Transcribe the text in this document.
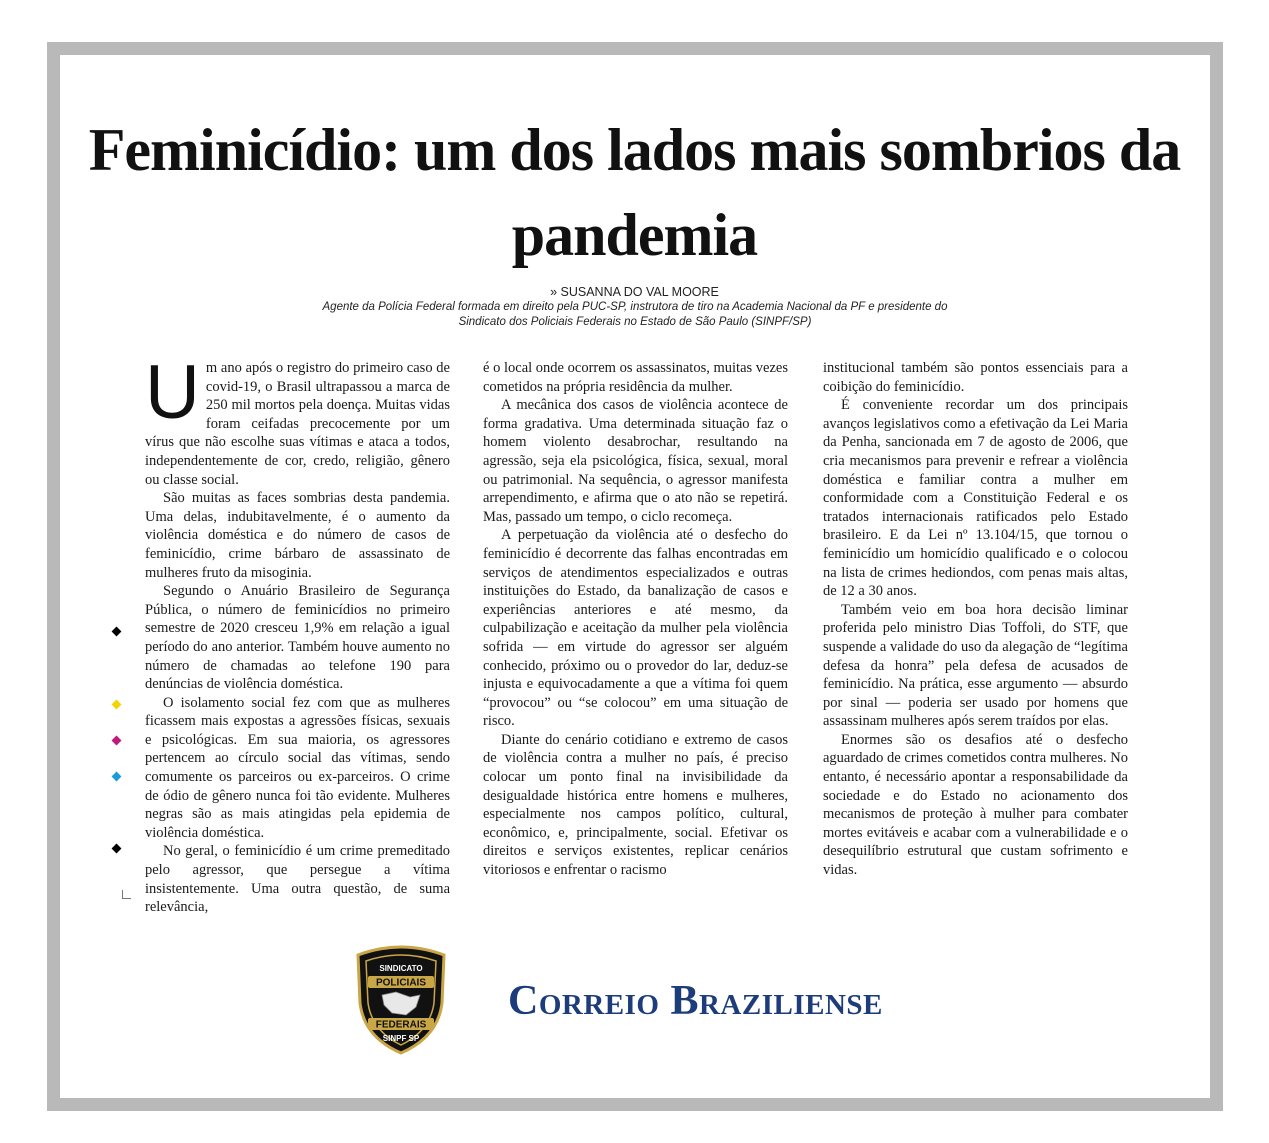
Feminicídio: um dos lados mais sombrios da pandemia
» SUSANNA DO VAL MOORE
Agente da Polícia Federal formada em direito pela PUC-SP, instrutora de tiro na Academia Nacional da PF e presidente do Sindicato dos Policiais Federais no Estado de São Paulo (SINPF/SP)

Um ano após o registro do primeiro caso de covid-19, o Brasil ultrapassou a marca de 250 mil mortos pela doença. Muitas vidas foram ceifadas precocemente por um vírus que não escolhe suas vítimas e ataca a todos, independentemente de cor, credo, religião, gênero ou classe social.

São muitas as faces sombrias desta pandemia. Uma delas, indubitavelmente, é o aumento da violência doméstica e do número de casos de feminicídio, crime bárbaro de assassinato de mulheres fruto da misoginia.

Segundo o Anuário Brasileiro de Segurança Pública, o número de feminicídios no primeiro semestre de 2020 cresceu 1,9% em relação a igual período do ano anterior. Também houve aumento no número de chamadas ao telefone 190 para denúncias de violência doméstica.

O isolamento social fez com que as mulheres ficassem mais expostas a agressões físicas, sexuais e psicológicas. Em sua maioria, os agressores pertencem ao círculo social das vítimas, sendo comumente os parceiros ou ex-parceiros. O crime de ódio de gênero nunca foi tão evidente. Mulheres negras são as mais atingidas pela epidemia de violência doméstica.

No geral, o feminicídio é um crime premeditado pelo agressor, que persegue a vítima insistentemente. Uma outra questão, de suma relevância,

é o local onde ocorrem os assassinatos, muitas vezes cometidos na própria residência da mulher.

A mecânica dos casos de violência acontece de forma gradativa. Uma determinada situação faz o homem violento desabrochar, resultando na agressão, seja ela psicológica, física, sexual, moral ou patrimonial. Na sequência, o agressor manifesta arrependimento, e afirma que o ato não se repetirá. Mas, passado um tempo, o ciclo recomeça.

A perpetuação da violência até o desfecho do feminicídio é decorrente das falhas encontradas em serviços de atendimentos especializados e outras instituições do Estado, da banalização de casos e experiências anteriores e até mesmo, da culpabilização e aceitação da mulher pela violência sofrida — em virtude do agressor ser alguém conhecido, próximo ou o provedor do lar, deduz-se injusta e equivocadamente a que a vítima foi quem “provocou” ou “se colocou” em uma situação de risco.

Diante do cenário cotidiano e extremo de casos de violência contra a mulher no país, é preciso colocar um ponto final na invisibilidade da desigualdade histórica entre homens e mulheres, especialmente nos campos político, cultural, econômico, e, principalmente, social. Efetivar os direitos e serviços existentes, replicar cenários vitoriosos e enfrentar o racismo

institucional também são pontos essenciais para a coibição do feminicídio.

É conveniente recordar um dos principais avanços legislativos como a efetivação da Lei Maria da Penha, sancionada em 7 de agosto de 2006, que cria mecanismos para prevenir e refrear a violência doméstica e familiar contra a mulher em conformidade com a Constituição Federal e os tratados internacionais ratificados pelo Estado brasileiro. E da Lei nº 13.104/15, que tornou o feminicídio um homicídio qualificado e o colocou na lista de crimes hediondos, com penas mais altas, de 12 a 30 anos.

Também veio em boa hora decisão liminar proferida pelo ministro Dias Toffoli, do STF, que suspende a validade do uso da alegação de “legítima defesa da honra” pela defesa de acusados de feminicídio. Na prática, esse argumento — absurdo por sinal — poderia ser usado por homens que assassinam mulheres após serem traídos por elas.

Enormes são os desafios até o desfecho aguardado de crimes cometidos contra mulheres. No entanto, é necessário apontar a responsabilidade da sociedade e do Estado no acionamento dos mecanismos de proteção à mulher para combater mortes evitáveis e acabar com a vulnerabilidade e o desequilíbrio estrutural que custam sofrimento e vidas.

SINDICATO
POLICIAIS
FEDERAIS
SINPF SP
Correio Braziliense
